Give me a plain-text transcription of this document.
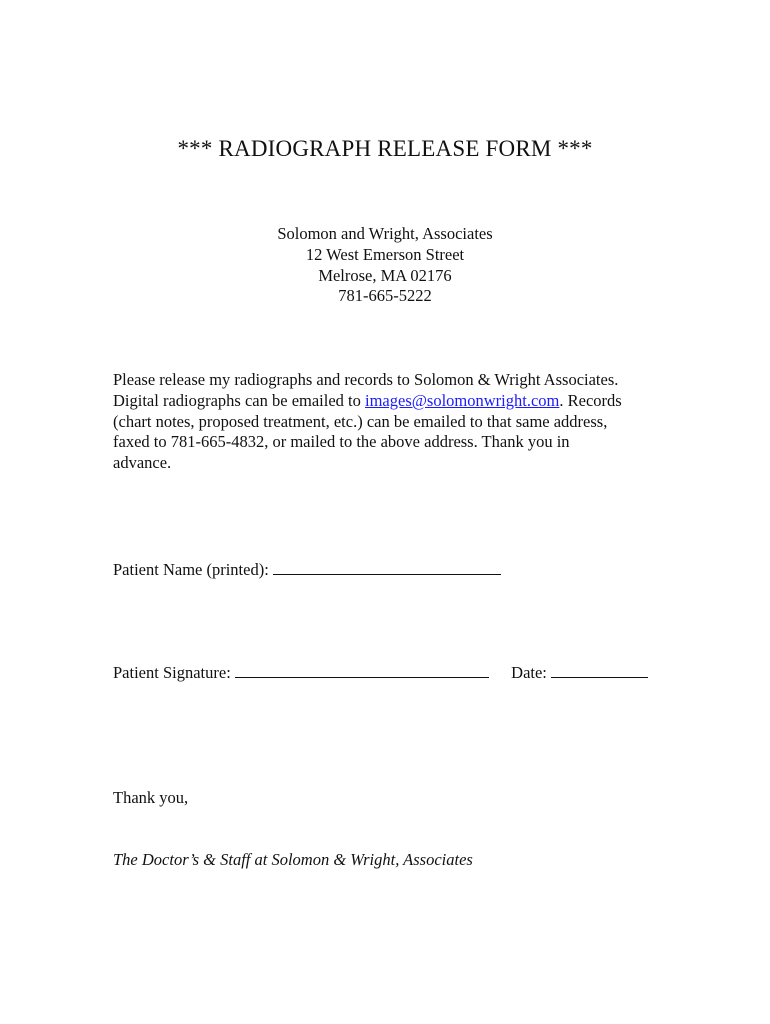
*** RADIOGRAPH RELEASE FORM ***
Solomon and Wright, Associates
12 West Emerson Street
Melrose, MA 02176
781-665-5222
Please release my radiographs and records to Solomon & Wright Associates.
Digital radiographs can be emailed to images@solomonwright.com. Records
(chart notes, proposed treatment, etc.) can be emailed to that same address,
faxed to 781-665-4832, or mailed to the above address. Thank you in
advance.
Patient Name (printed):
Patient Signature:	Date:
Thank you,
The Doctor’s & Staff at Solomon & Wright, Associates
